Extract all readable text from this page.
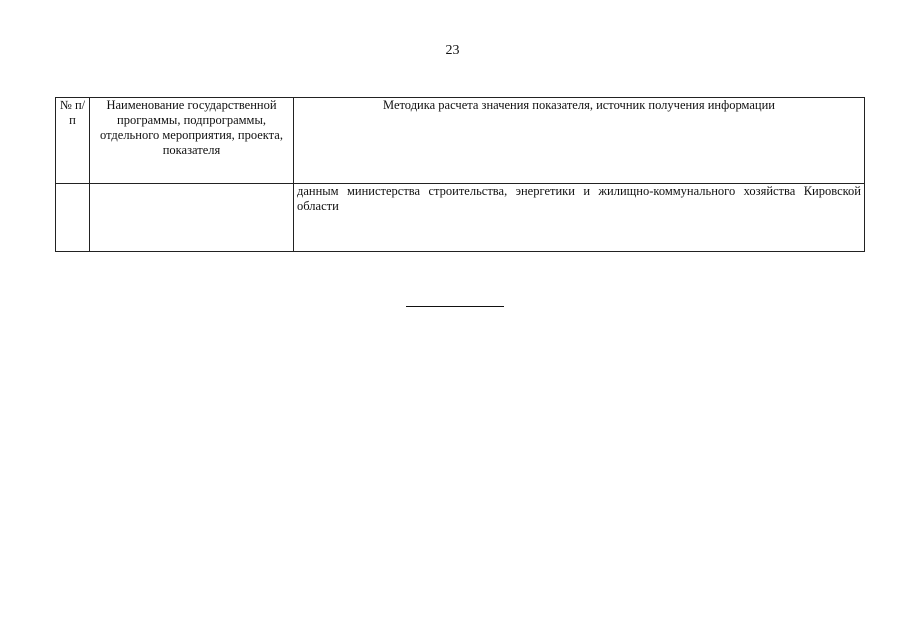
23
№ п/п	Наименование государственной программы, подпрограммы, отдельного мероприятия, проекта, показателя	Методика расчета значения показателя, источник получения информации
		данным министерства строительства, энергетики и жилищно-коммунального хозяйства Кировской области
